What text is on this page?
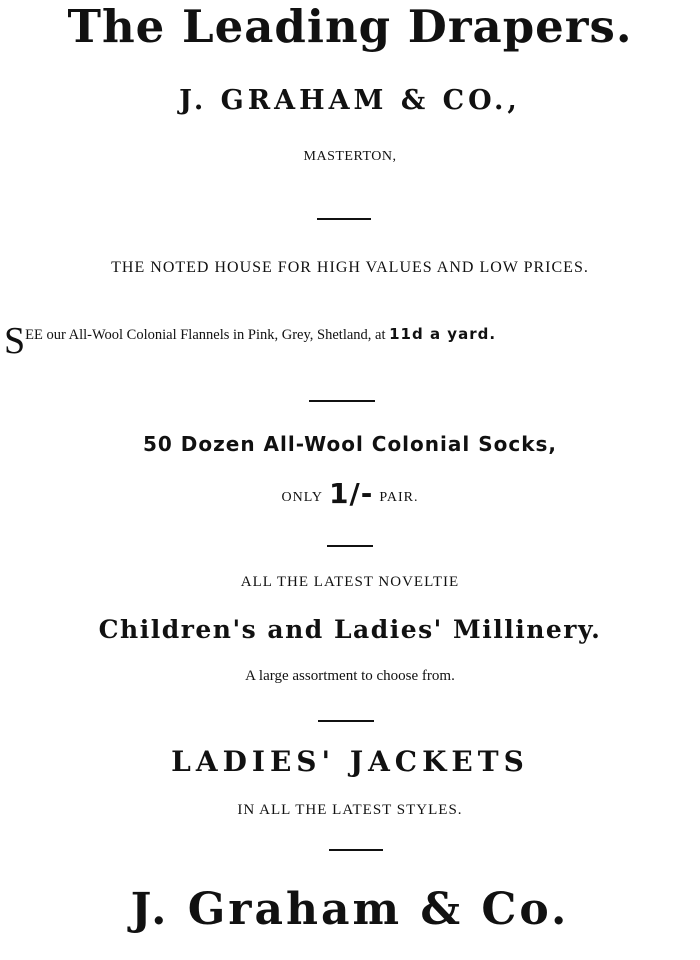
The Leading Drapers.
J. GRAHAM & CO.,
MASTERTON,
THE NOTED HOUSE FOR HIGH VALUES AND LOW PRICES.
SEE our All-Wool Colonial Flannels in Pink, Grey, Shetland, at 11d a yard.
50 Dozen All-Wool Colonial Socks,
ONLY 1/- PAIR.
ALL THE LATEST NOVELTIE
Children's and Ladies' Millinery.
A large assortment to choose from.
LADIES' JACKETS
IN ALL THE LATEST STYLES.
J. Graham & Co.
